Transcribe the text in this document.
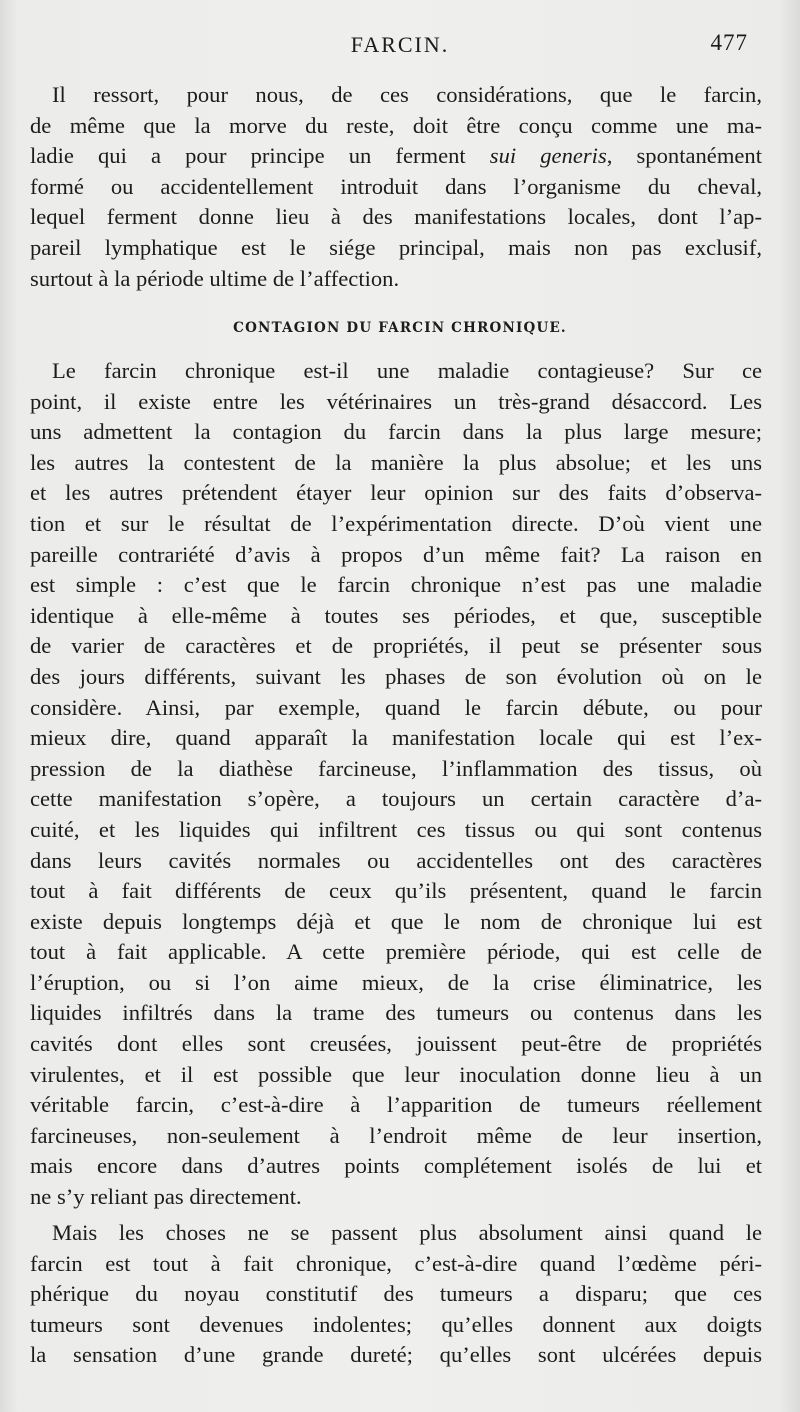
FARCIN.	477
Il ressort, pour nous, de ces considérations, que le farcin,
de même que la morve du reste, doit être conçu comme une ma-
ladie qui a pour principe un ferment sui generis, spontanément
formé ou accidentellement introduit dans l’organisme du cheval,
lequel ferment donne lieu à des manifestations locales, dont l’ap-
pareil lymphatique est le siége principal, mais non pas exclusif,
surtout à la période ultime de l’affection.
CONTAGION DU FARCIN CHRONIQUE.
Le farcin chronique est-il une maladie contagieuse? Sur ce
point, il existe entre les vétérinaires un très-grand désaccord. Les
uns admettent la contagion du farcin dans la plus large mesure;
les autres la contestent de la manière la plus absolue; et les uns
et les autres prétendent étayer leur opinion sur des faits d’observa-
tion et sur le résultat de l’expérimentation directe. D’où vient une
pareille contrariété d’avis à propos d’un même fait? La raison en
est simple : c’est que le farcin chronique n’est pas une maladie
identique à elle-même à toutes ses périodes, et que, susceptible
de varier de caractères et de propriétés, il peut se présenter sous
des jours différents, suivant les phases de son évolution où on le
considère. Ainsi, par exemple, quand le farcin débute, ou pour
mieux dire, quand apparaît la manifestation locale qui est l’ex-
pression de la diathèse farcineuse, l’inflammation des tissus, où
cette manifestation s’opère, a toujours un certain caractère d’a-
cuité, et les liquides qui infiltrent ces tissus ou qui sont contenus
dans leurs cavités normales ou accidentelles ont des caractères
tout à fait différents de ceux qu’ils présentent, quand le farcin
existe depuis longtemps déjà et que le nom de chronique lui est
tout à fait applicable. A cette première période, qui est celle de
l’éruption, ou si l’on aime mieux, de la crise éliminatrice, les
liquides infiltrés dans la trame des tumeurs ou contenus dans les
cavités dont elles sont creusées, jouissent peut-être de propriétés
virulentes, et il est possible que leur inoculation donne lieu à un
véritable farcin, c’est-à-dire à l’apparition de tumeurs réellement
farcineuses, non-seulement à l’endroit même de leur insertion,
mais encore dans d’autres points complétement isolés de lui et
ne s’y reliant pas directement.
Mais les choses ne se passent plus absolument ainsi quand le
farcin est tout à fait chronique, c’est-à-dire quand l’œdème péri-
phérique du noyau constitutif des tumeurs a disparu; que ces
tumeurs sont devenues indolentes; qu’elles donnent aux doigts
la sensation d’une grande dureté; qu’elles sont ulcérées depuis
